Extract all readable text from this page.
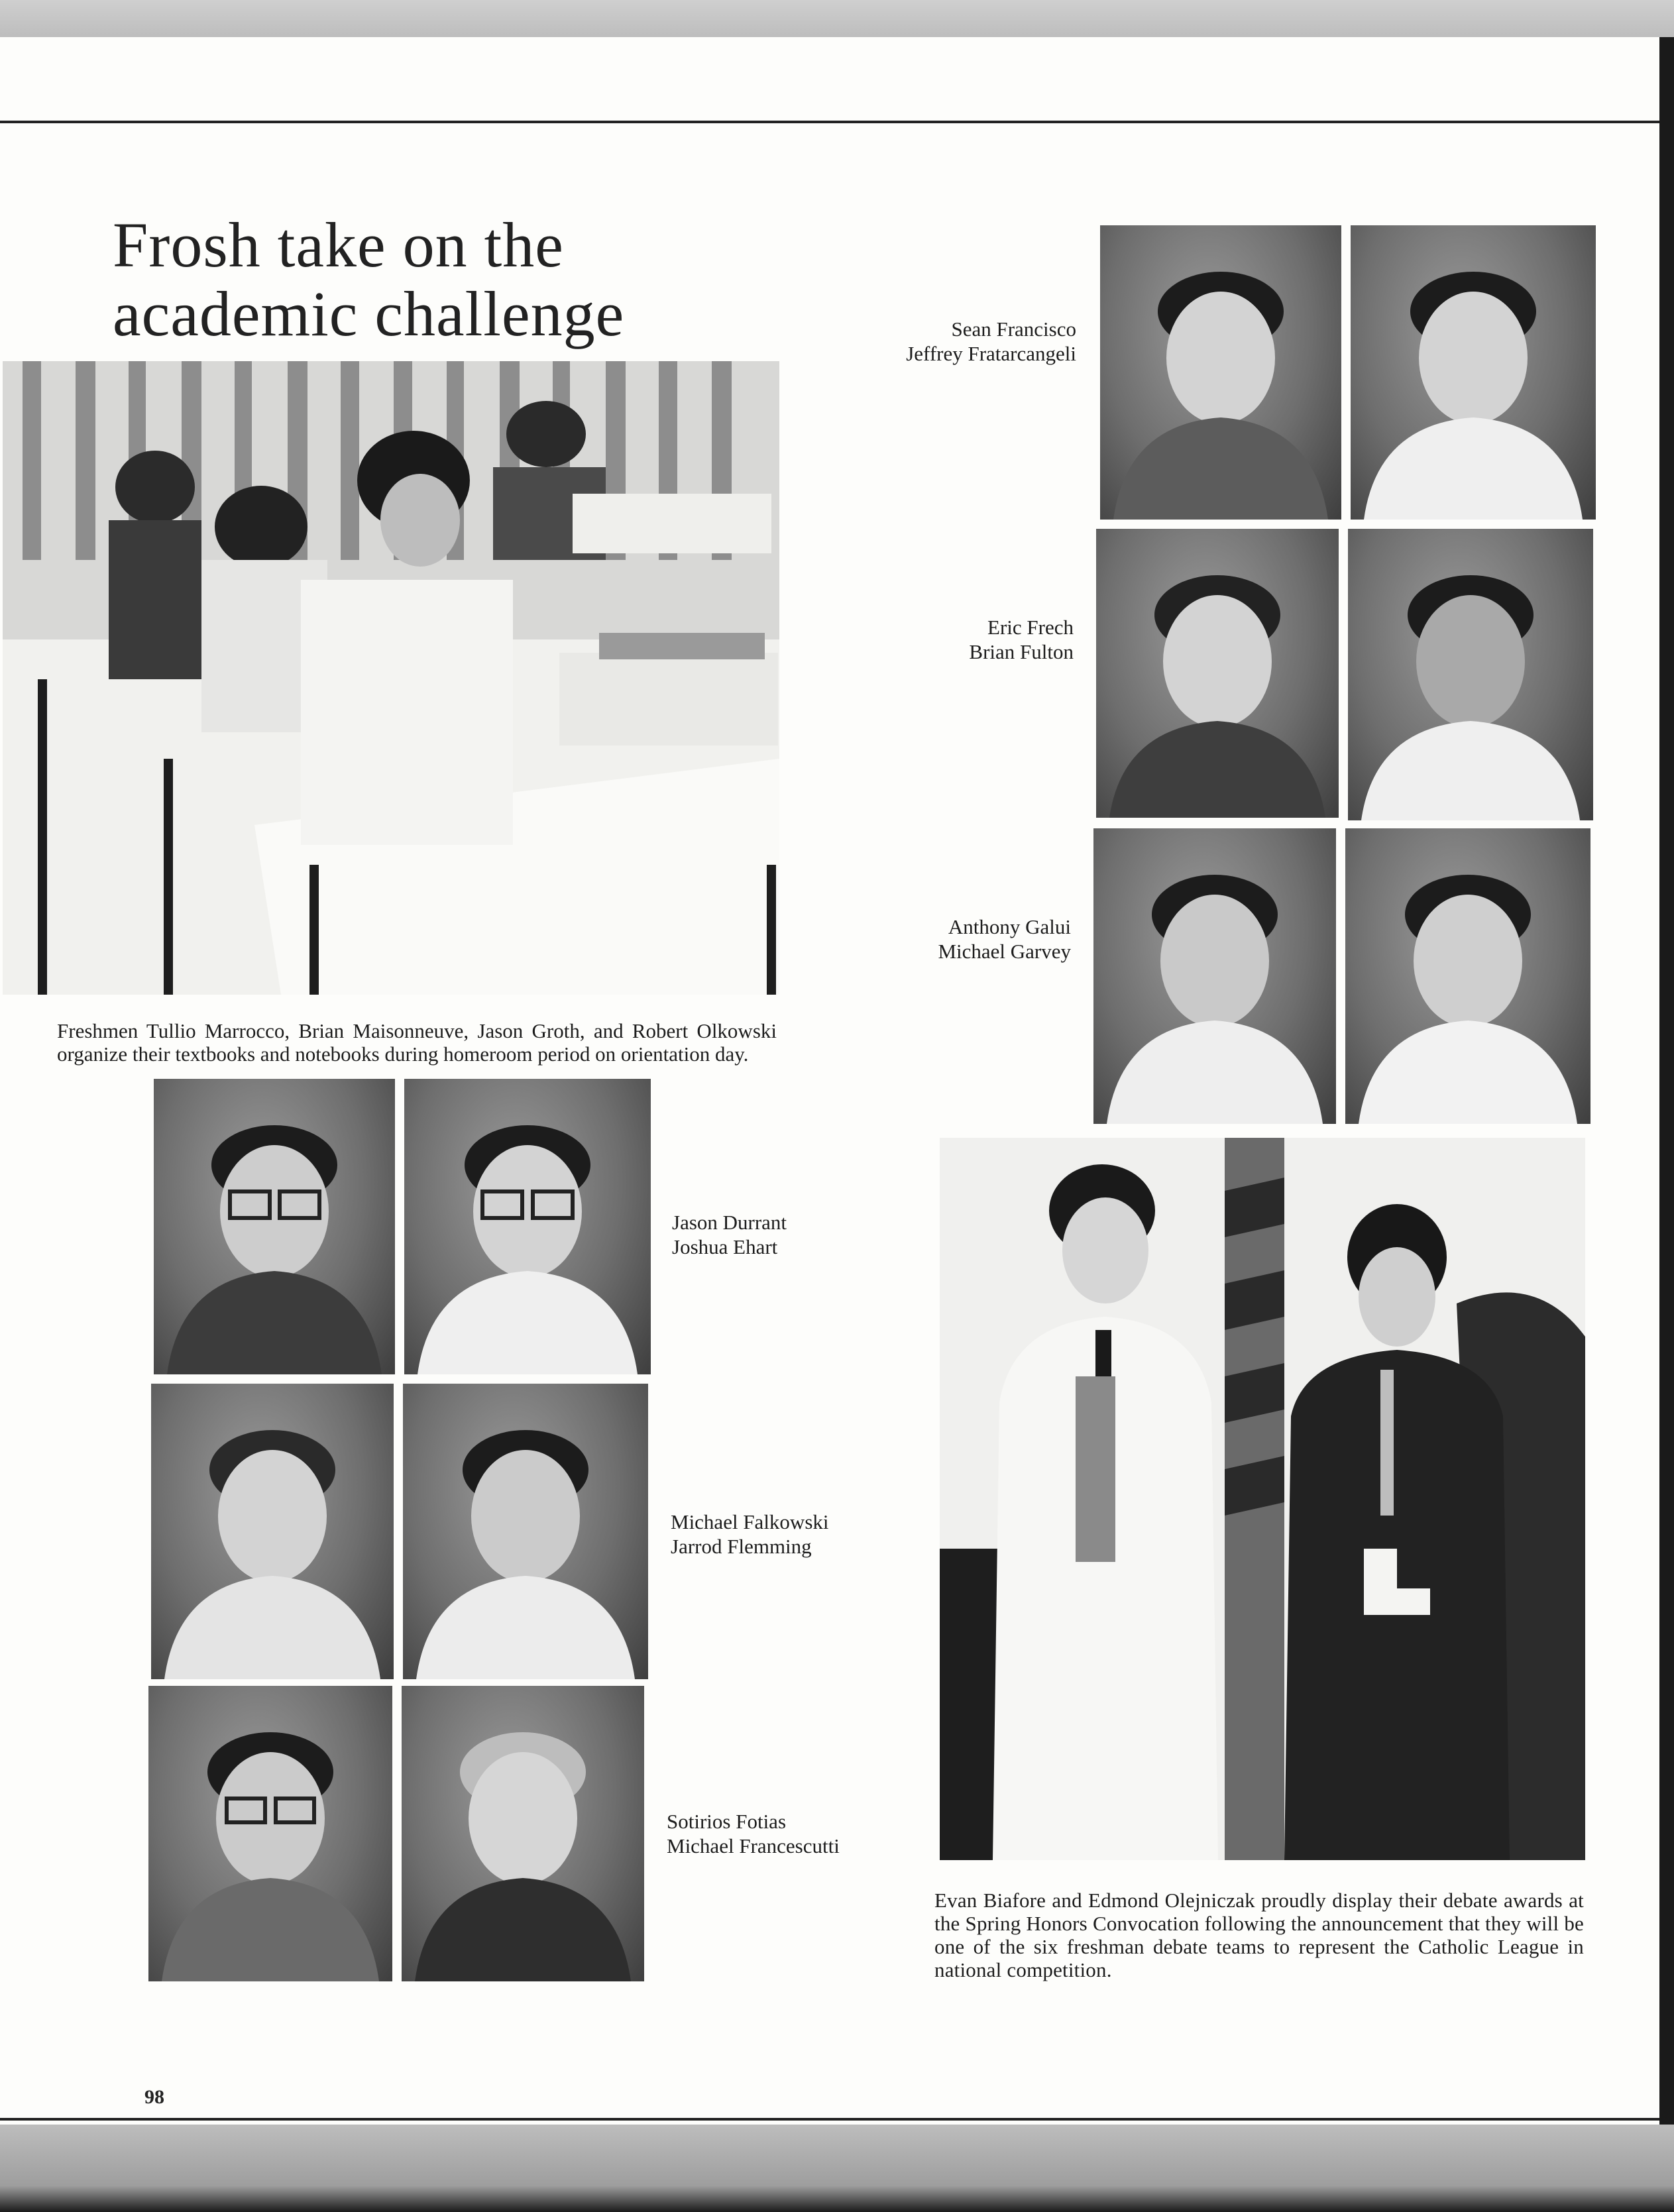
Frosh take on the
academic challenge

Freshmen Tullio Marrocco, Brian Maisonneuve, Jason Groth, and Robert Olkowski organize their textbooks and notebooks during homeroom period on orientation day.

Sean Francisco
Jeffrey Fratarcangeli
Eric Frech
Brian Fulton
Anthony Galui
Michael Garvey
Jason Durrant
Joshua Ehart
Michael Falkowski
Jarrod Flemming
Sotirios Fotias
Michael Francescutti

Evan Biafore and Edmond Olejniczak proudly display their debate awards at the Spring Honors Convocation following the announcement that they will be one of the six freshman debate teams to represent the Catholic League in national competition.

98
